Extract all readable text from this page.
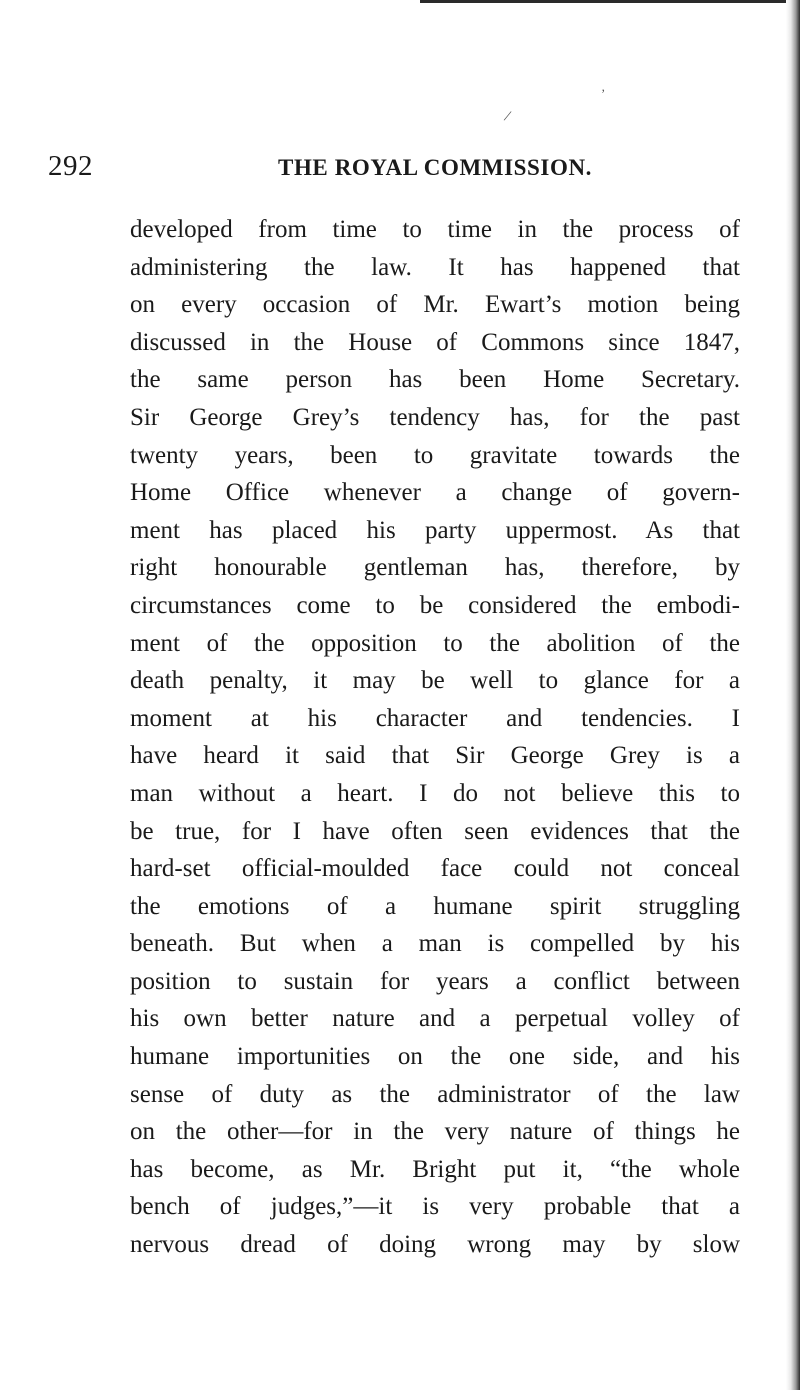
/
’
292	THE ROYAL COMMISSION.
developed from time to time in the process of
administering the law. It has happened that
on every occasion of Mr. Ewart’s motion being
discussed in the House of Commons since 1847,
the same person has been Home Secretary.
Sir George Grey’s tendency has, for the past
twenty years, been to gravitate towards the
Home Office whenever a change of govern-
ment has placed his party uppermost. As that
right honourable gentleman has, therefore, by
circumstances come to be considered the embodi-
ment of the opposition to the abolition of the
death penalty, it may be well to glance for a
moment at his character and tendencies. I
have heard it said that Sir George Grey is a
man without a heart. I do not believe this to
be true, for I have often seen evidences that the
hard-set official-moulded face could not conceal
the emotions of a humane spirit struggling
beneath. But when a man is compelled by his
position to sustain for years a conflict between
his own better nature and a perpetual volley of
humane importunities on the one side, and his
sense of duty as the administrator of the law
on the other—for in the very nature of things he
has become, as Mr. Bright put it, “the whole
bench of judges,”—it is very probable that a
nervous dread of doing wrong may by slow
